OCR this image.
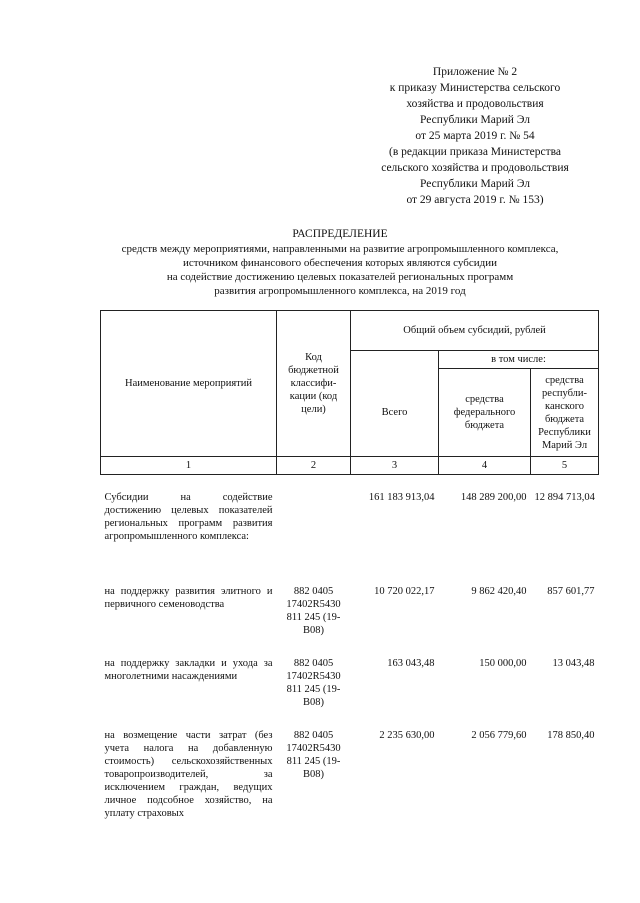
Приложение № 2
к приказу Министерства сельского
хозяйства и продовольствия
Республики Марий Эл
от 25 марта 2019 г. № 54
(в редакции приказа Министерства
сельского хозяйства и продовольствия
Республики Марий Эл
от 29 августа 2019 г. № 153)
РАСПРЕДЕЛЕНИЕ
средств между мероприятиями, направленными на развитие агропромышленного комплекса,
источником финансового обеспечения которых являются субсидии
на содействие достижению целевых показателей региональных программ
развития агропромышленного комплекса, на 2019 год
Наименование мероприятий	Код бюджетной классифи-кации (код цели)	Общий объем субсидий, рублей		
			в том числе:	
		Всего	средства федерального бюджета	средства республи-канского бюджета Республики Марий Эл
1	2	3	4	5

Субсидии на содействие достижению целевых показателей региональных программ развития агропромышленного комплекса:		161 183 913,04	148 289 200,00	12 894 713,04
на поддержку развития элитного и первичного семеноводства	882 0405 17402R5430 811 245 (19-В08)	10 720 022,17	9 862 420,40	857 601,77
на поддержку закладки и ухода за многолетними насаждениями	882 0405 17402R5430 811 245 (19-В08)	163 043,48	150 000,00	13 043,48
на возмещение части затрат (без учета налога на добавленную стоимость) сельскохозяйственных товаропроизводителей, за исключением граждан, ведущих личное подсобное хозяйство, на уплату страховых	882 0405 17402R5430 811 245 (19-В08)	2 235 630,00	2 056 779,60	178 850,40
